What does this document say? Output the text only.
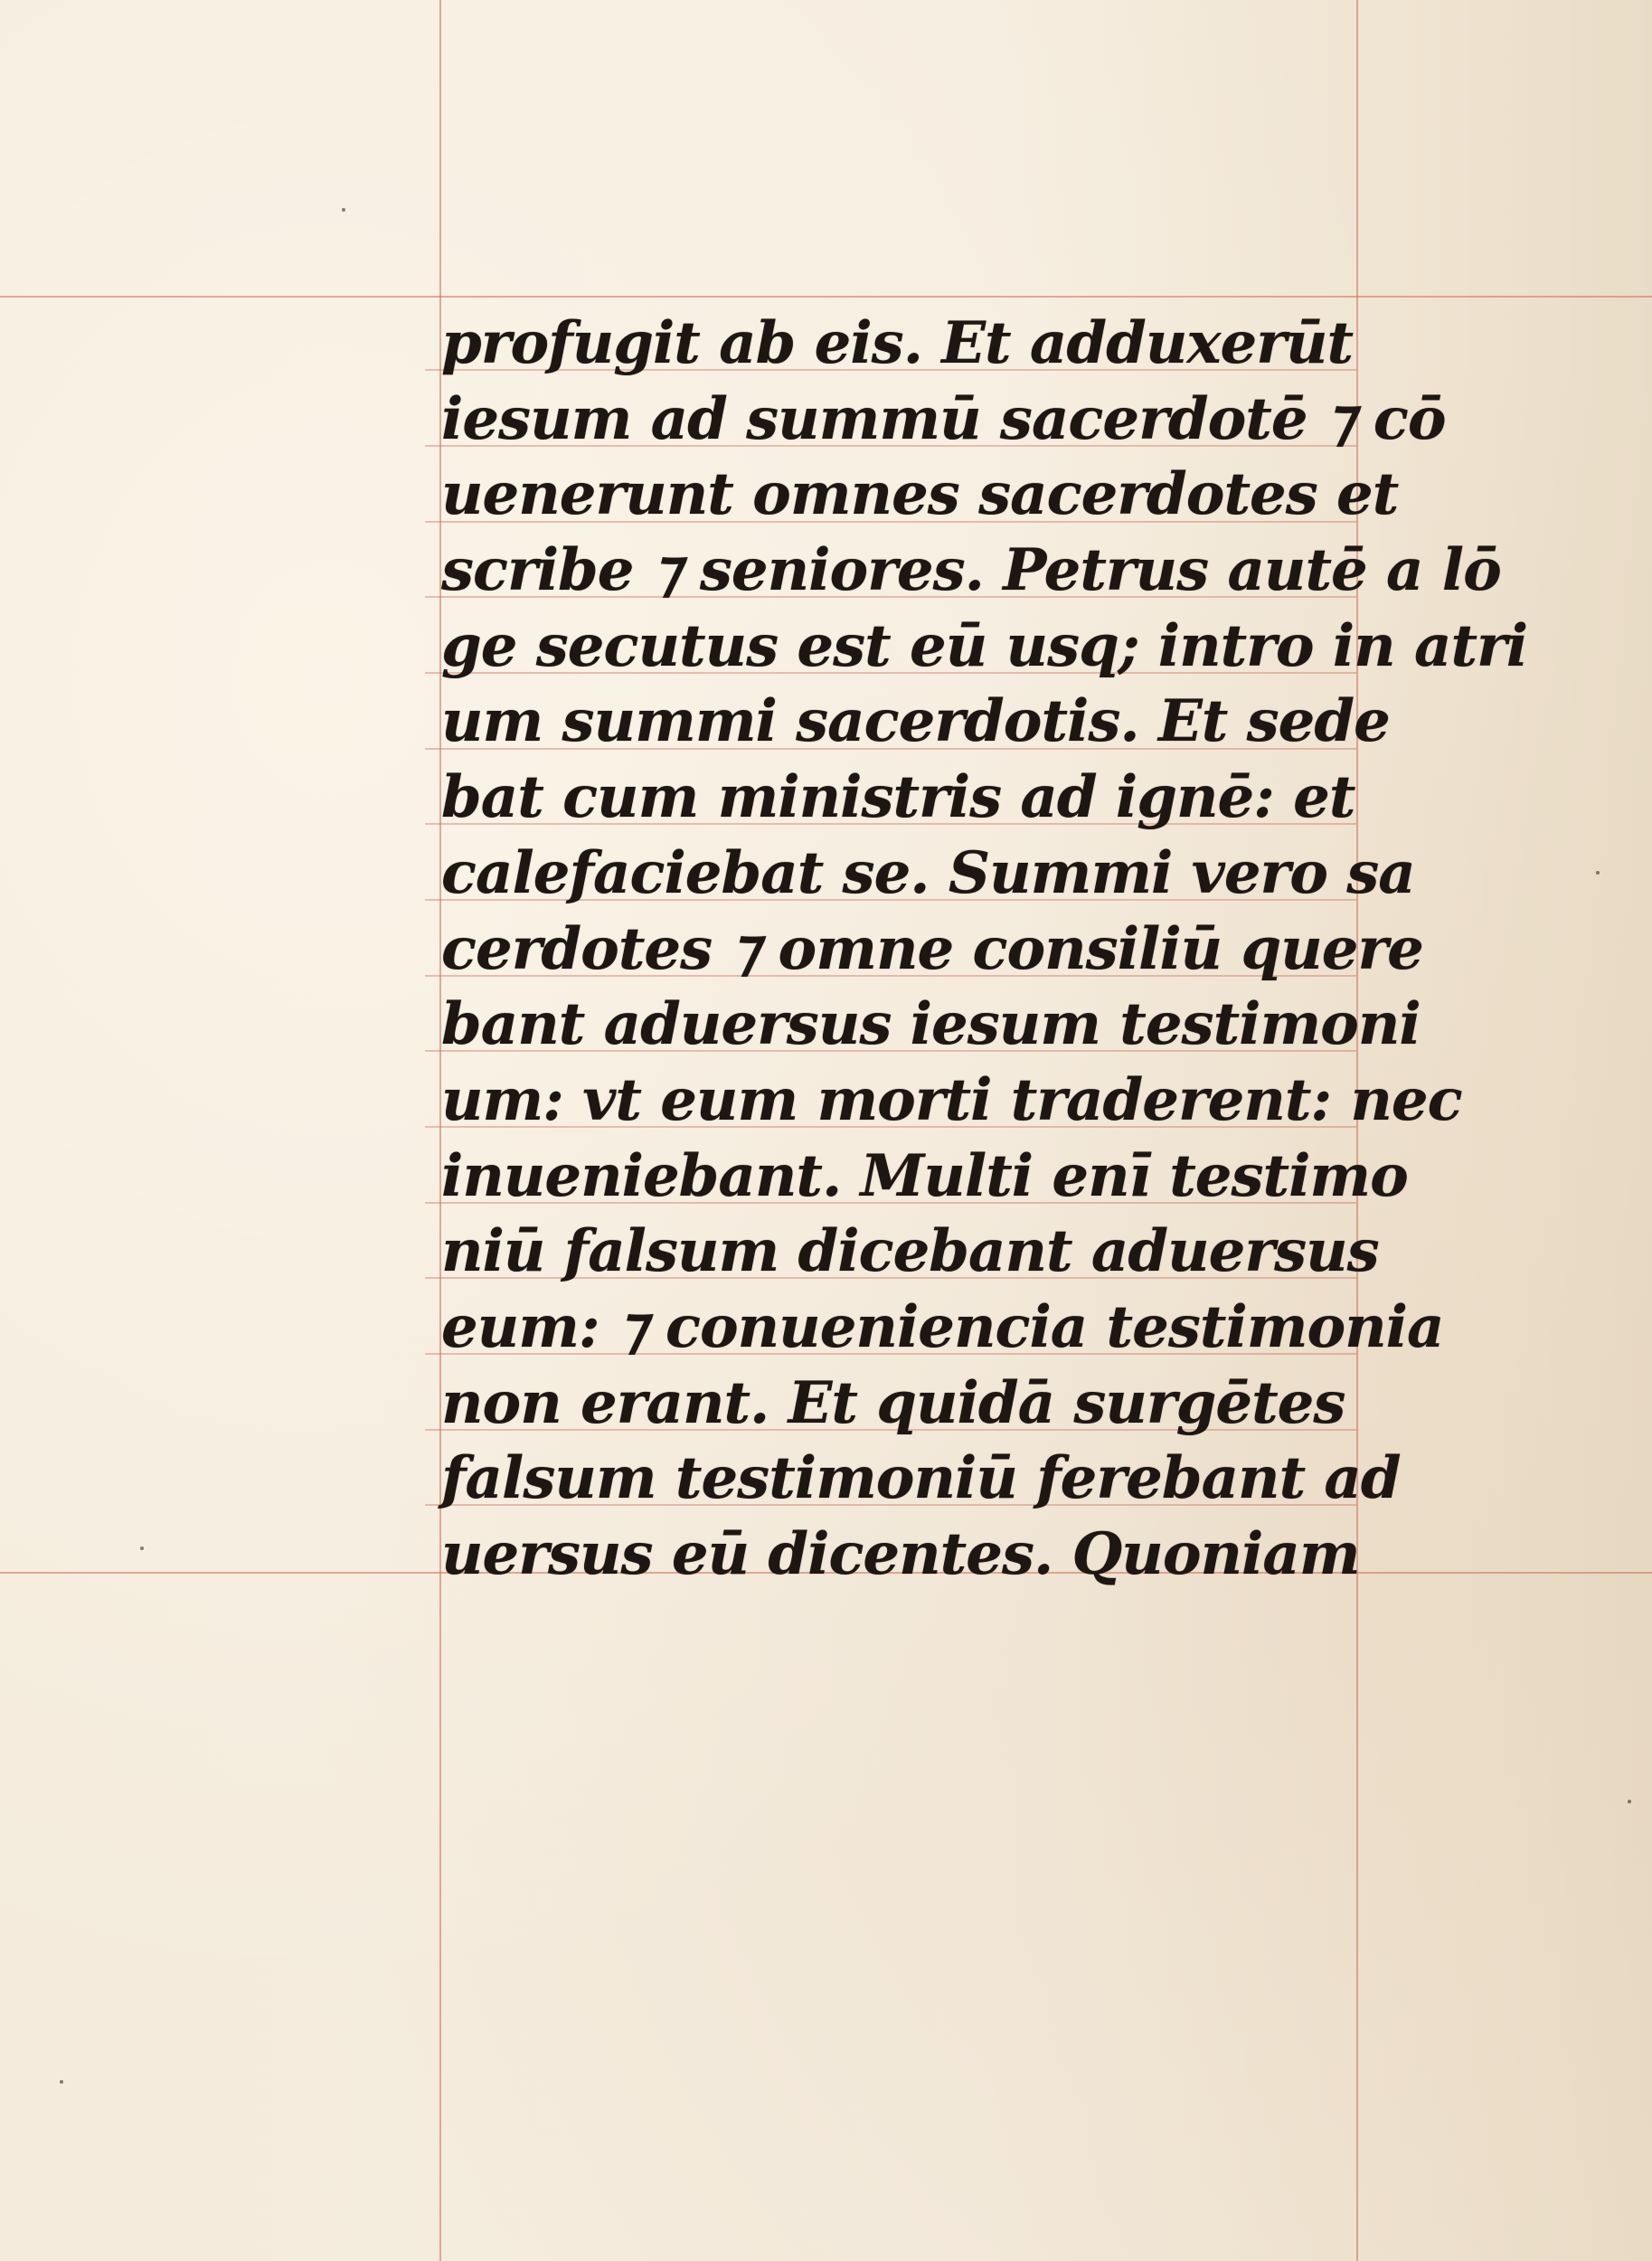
profugit ab eis. Et adduxerūt
iesum ad summū sacerdotē ⁊ cō
uenerunt omnes sacerdotes et
scribe ⁊ seniores. Petrus autē a lō
ge secutus est eū usq; intro in atri
um summi sacerdotis. Et sede
bat cum ministris ad ignē: et
calefaciebat se. Summi vero sa
cerdotes ⁊ omne consiliū quere
bant aduersus iesum testimoni
um: vt eum morti traderent: nec
inueniebant. Multi enī testimo
niū falsum dicebant aduersus
eum: ⁊ conueniencia testimonia
non erant. Et quidā surgētes
falsum testimoniū ferebant ad
uersus eū dicentes. Quoniam
